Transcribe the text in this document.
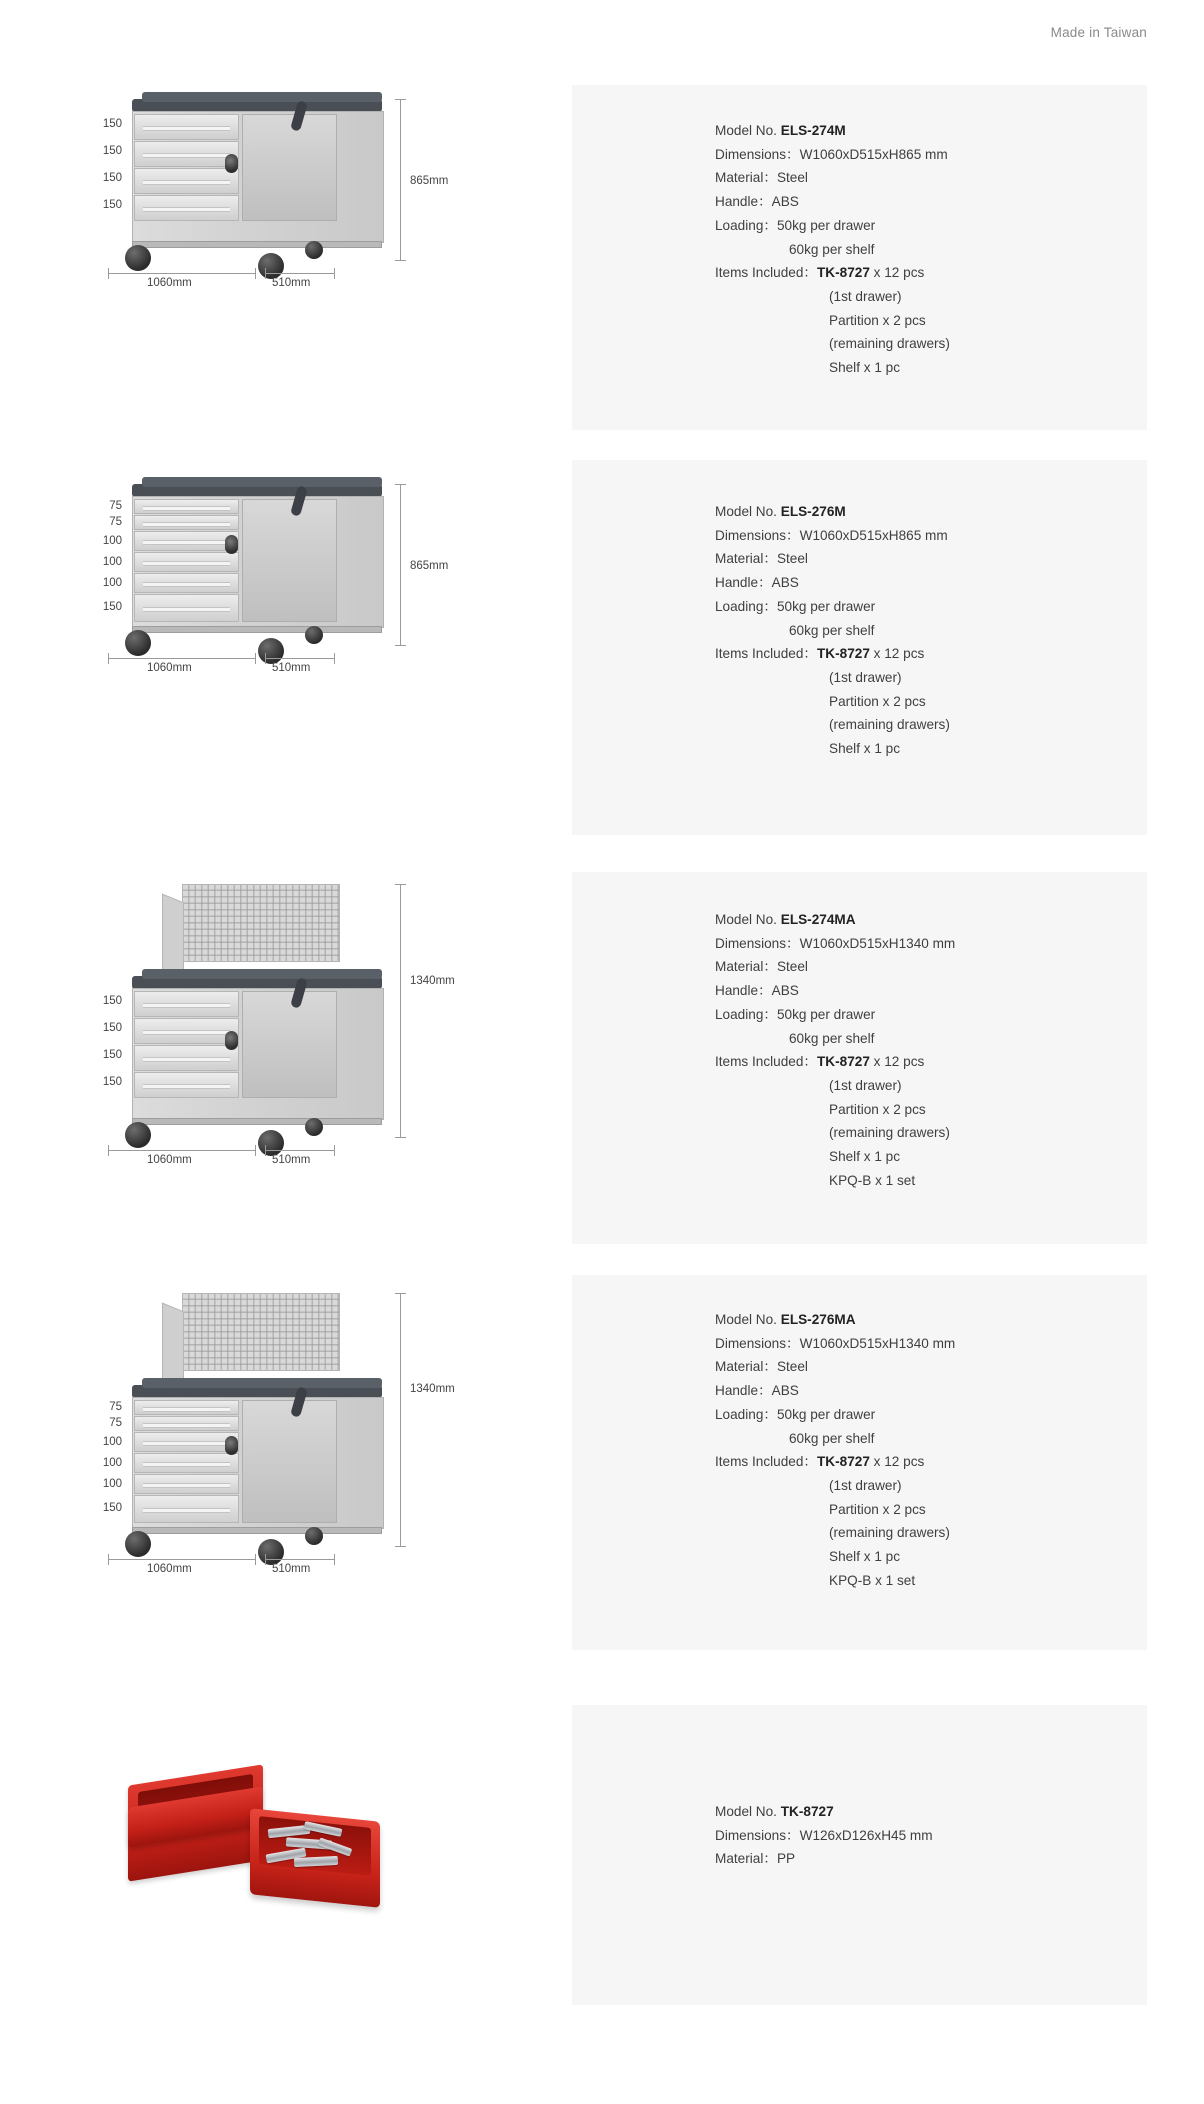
Made in Taiwan
Model No. ELS-274M
Dimensions：W1060xD515xH865 mm
Material：Steel
Handle：ABS
Loading：50kg per drawer
60kg per shelf
Items Included：TK-8727 x 12 pcs
(1st drawer)
Partition x 2 pcs
(remaining drawers)
Shelf x 1 pc
150
150
150
150
865mm
1060mm	510mm
Model No. ELS-276M
Dimensions：W1060xD515xH865 mm
Material：Steel
Handle：ABS
Loading：50kg per drawer
60kg per shelf
Items Included：TK-8727 x 12 pcs
(1st drawer)
Partition x 2 pcs
(remaining drawers)
Shelf x 1 pc
75
75
100
100
100
150
865mm
1060mm	510mm
Model No. ELS-274MA
Dimensions：W1060xD515xH1340 mm
Material：Steel
Handle：ABS
Loading：50kg per drawer
60kg per shelf
Items Included：TK-8727 x 12 pcs
(1st drawer)
Partition x 2 pcs
(remaining drawers)
Shelf x 1 pc
KPQ-B x 1 set
150
150
150
150
1340mm
1060mm	510mm
Model No. ELS-276MA
Dimensions：W1060xD515xH1340 mm
Material：Steel
Handle：ABS
Loading：50kg per drawer
60kg per shelf
Items Included：TK-8727 x 12 pcs
(1st drawer)
Partition x 2 pcs
(remaining drawers)
Shelf x 1 pc
KPQ-B x 1 set
75
75
100
100
100
150
1340mm
1060mm	510mm
Model No. TK-8727
Dimensions：W126xD126xH45 mm
Material：PP
